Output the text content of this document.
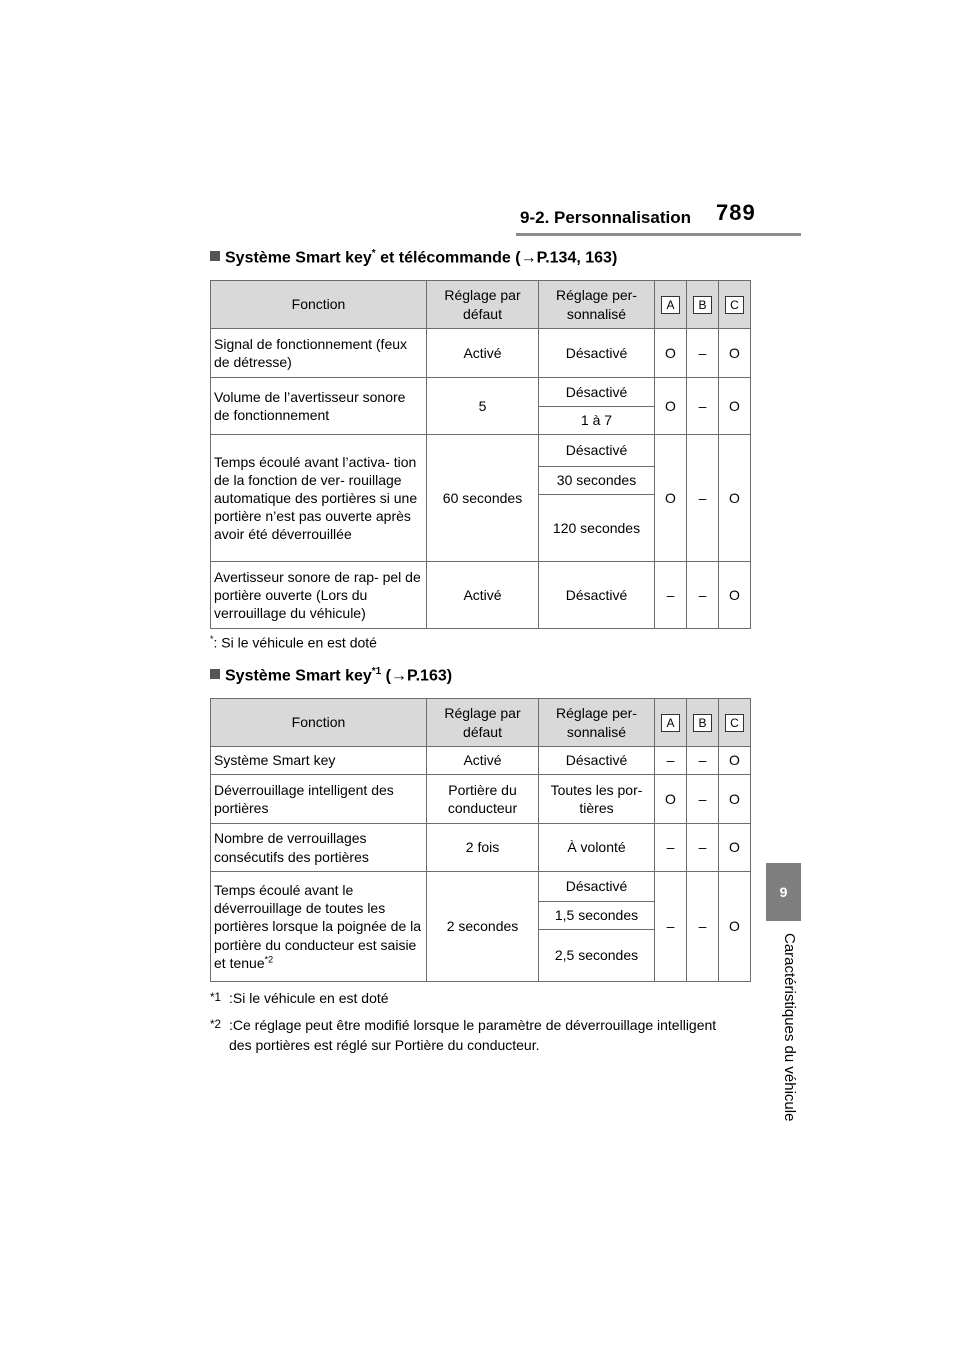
9-2. Personnalisation 789
9
Caractéristiques du véhicule
Système Smart key* et télécommande (→P.134, 163)
Fonction	Réglage par défaut	Réglage per- sonnalisé	A	B	C
Signal de fonctionnement (feux de détresse)	Activé	Désactivé	O	–	O
Volume de l’avertisseur sonore de fonctionnement	5	Désactivé	O	–	O
		1 à 7			
Temps écoulé avant l’activa- tion de la fonction de ver- rouillage automatique des portières si une portière n’est pas ouverte après avoir été déverrouillée	60 secondes	Désactivé	O	–	O
		30 secondes			
		120 secondes			
Avertisseur sonore de rap- pel de portière ouverte (Lors du verrouillage du véhicule)	Activé	Désactivé	–	–	O
*: Si le véhicule en est doté
Système Smart key$^{*1}$ (→P.163)
Fonction	Réglage par défaut	Réglage per- sonnalisé	A	B	C
Système Smart key	Activé	Désactivé	–	–	O
Déverrouillage intelligent des portières	Portière du conducteur	Toutes les por- tières	O	–	O
Nombre de verrouillages consécutifs des portières	2 fois	À volonté	–	–	O
Temps écoulé avant le déverrouillage de toutes les portières lorsque la poignée de la portière du conducteur est saisie et tenue$^{*2}$	2 secondes	Désactivé	–	–	O
		1,5 secondes			
		2,5 secondes			
$^{*1}$ :Si le véhicule en est doté
$^{*2}$ :Ce réglage peut être modifié lorsque le paramètre de déverrouillage intelligent des portières est réglé sur Portière du conducteur.
